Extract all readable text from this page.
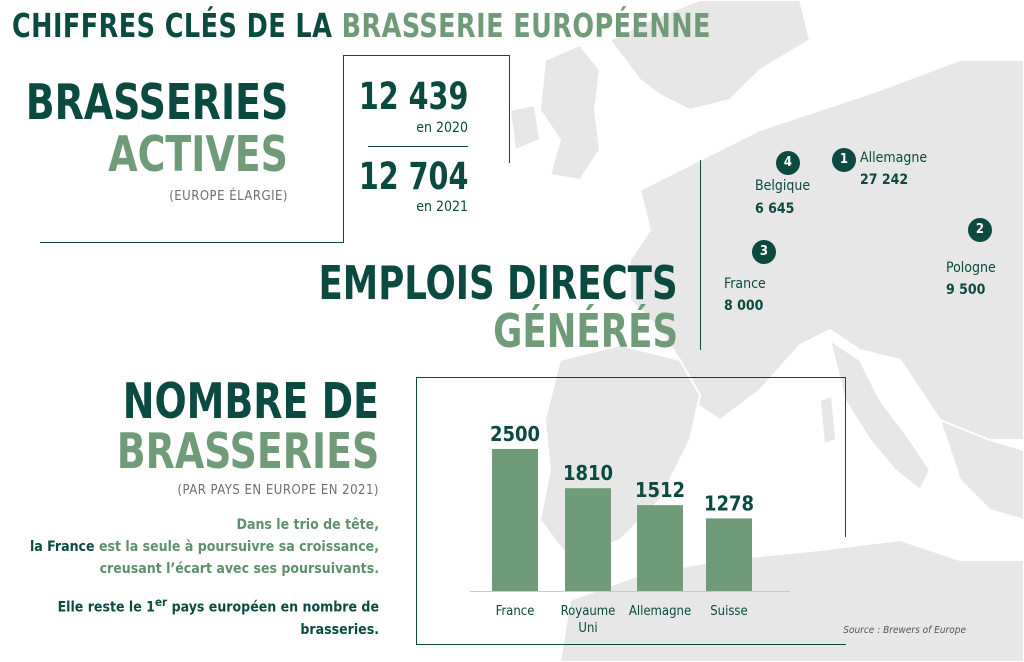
CHIFFRES CLÉS DE LA BRASSERIE EUROPÉENNE
BRASSERIES
ACTIVES
(EUROPE ÉLARGIE)
12 439
en 2020
12 704
en 2021
EMPLOIS DIRECTS
GÉNÉRÉS
1 Allemagne
27 242
2
Pologne
9 500
3
France
8 000
4
Belgique
6 645
NOMBRE DE
BRASSERIES
(PAR PAYS EN EUROPE EN 2021)
Dans le trio de tête,
la France est la seule à poursuivre sa croissance,
creusant l’écart avec ses poursuivants.
Elle reste le 1er pays européen en nombre de
brasseries.
2500
France
1810
Royaume
Uni
1512
Allemagne
1278
Suisse
Source : Brewers of Europe
